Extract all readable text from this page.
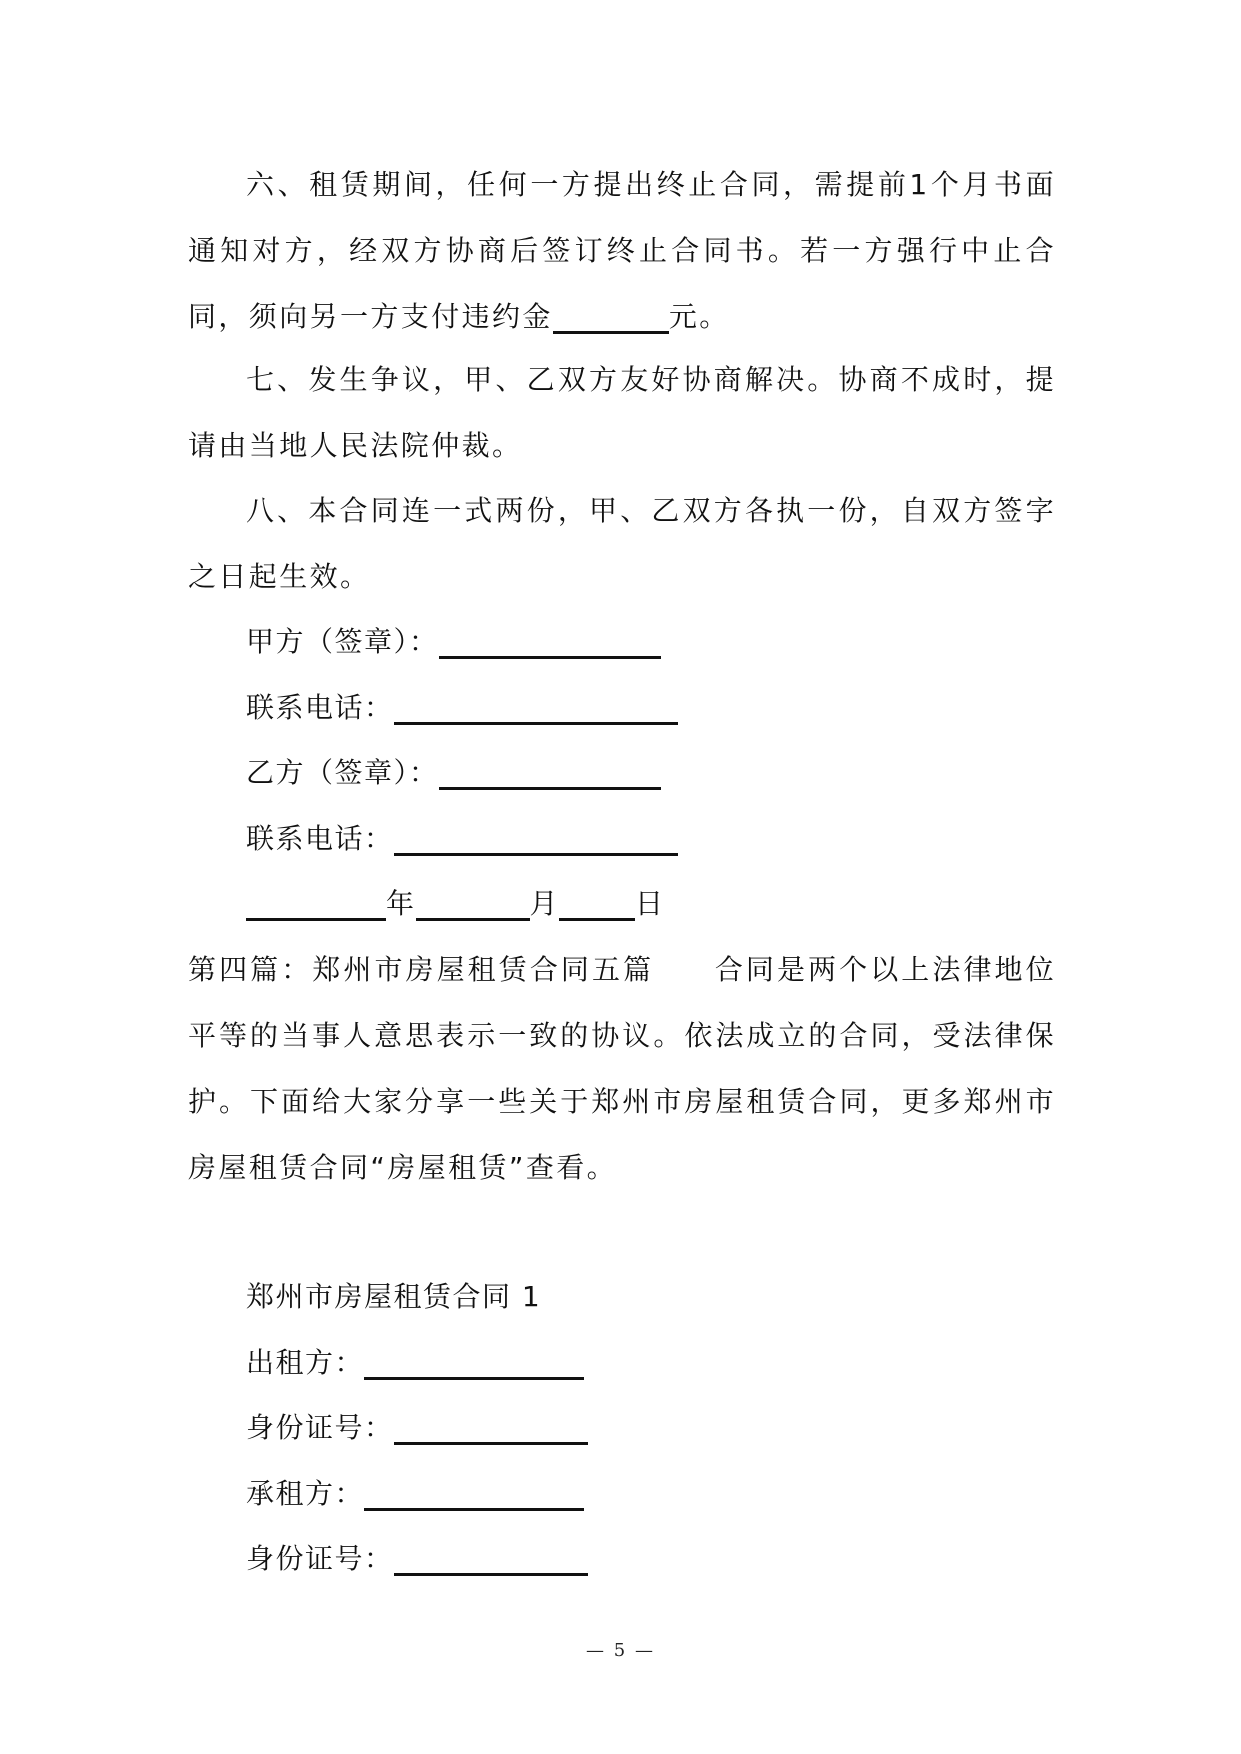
六、租赁期间，任何一方提出终止合同，需提前1个月书面通知对方，经双方协商后签订终止合同书。若一方强行中止合同，须向另一方支付违约金	元。

七、发生争议，甲、乙双方友好协商解决。协商不成时，提请由当地人民法院仲裁。

八、本合同连一式两份，甲、乙双方各执一份，自双方签字之日起生效。

甲方（签章）：

联系电话：

乙方（签章）：

联系电话：

年	月	日

第四篇：郑州市房屋租赁合同五篇 合同是两个以上法律地位平等的当事人意思表示一致的协议。依法成立的合同，受法律保护。下面给大家分享一些关于郑州市房屋租赁合同，更多郑州市房屋租赁合同“房屋租赁”查看。

郑州市房屋租赁合同 1

出租方：

身份证号：

承租方：

身份证号：

— 5 —
